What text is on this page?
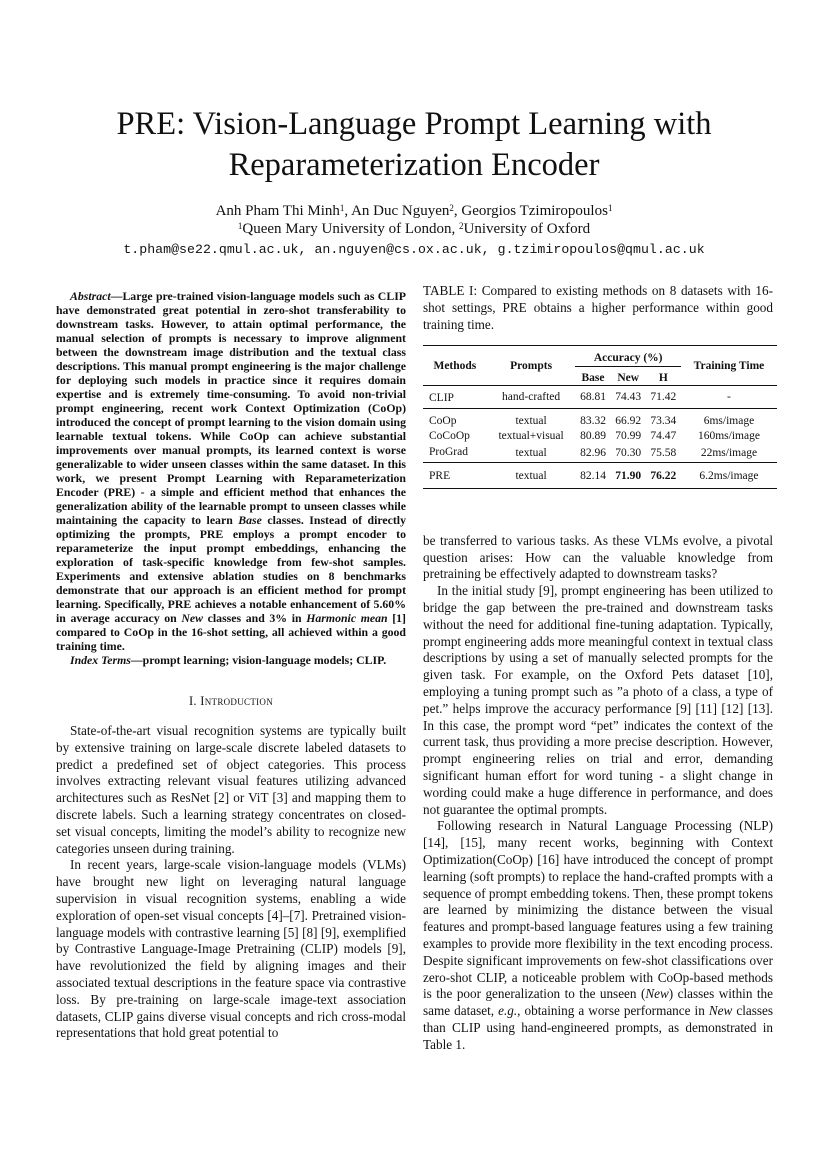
PRE: Vision-Language Prompt Learning with
Reparameterization Encoder
Anh Pham Thi Minh$^1$, An Duc Nguyen$^2$, Georgios Tzimiropoulos$^1$
$^1$Queen Mary University of London, $^2$University of Oxford
t.pham@se22.qmul.ac.uk, an.nguyen@cs.ox.ac.uk, g.tzimiropoulos@qmul.ac.uk

Abstract—Large pre-trained vision-language models such as CLIP have demonstrated great potential in zero-shot transferability to downstream tasks. However, to attain optimal performance, the manual selection of prompts is necessary to improve alignment between the downstream image distribution and the textual class descriptions. This manual prompt engineering is the major challenge for deploying such models in practice since it requires domain expertise and is extremely time-consuming. To avoid non-trivial prompt engineering, recent work Context Optimization (CoOp) introduced the concept of prompt learning to the vision domain using learnable textual tokens. While CoOp can achieve substantial improvements over manual prompts, its learned context is worse generalizable to wider unseen classes within the same dataset. In this work, we present Prompt Learning with Reparameterization Encoder (PRE) - a simple and efficient method that enhances the generalization ability of the learnable prompt to unseen classes while maintaining the capacity to learn Base classes. Instead of directly optimizing the prompts, PRE employs a prompt encoder to reparameterize the input prompt embeddings, enhancing the exploration of task-specific knowledge from few-shot samples. Experiments and extensive ablation studies on 8 benchmarks demonstrate that our approach is an efficient method for prompt learning. Specifically, PRE achieves a notable enhancement of 5.60% in average accuracy on New classes and 3% in Harmonic mean [1] compared to CoOp in the 16-shot setting, all achieved within a good training time.

Index Terms—prompt learning; vision-language models; CLIP.

I. Introduction

State-of-the-art visual recognition systems are typically built by extensive training on large-scale discrete labeled datasets to predict a predefined set of object categories. This process involves extracting relevant visual features utilizing advanced architectures such as ResNet [2] or ViT [3] and mapping them to discrete labels. Such a learning strategy concentrates on closed-set visual concepts, limiting the model’s ability to recognize new categories unseen during training.

In recent years, large-scale vision-language models (VLMs) have brought new light on leveraging natural language supervision in visual recognition systems, enabling a wide exploration of open-set visual concepts [4]–[7]. Pretrained vision-language models with contrastive learning [5] [8] [9], exemplified by Contrastive Language-Image Pretraining (CLIP) models [9], have revolutionized the field by aligning images and their associated textual descriptions in the feature space via contrastive loss. By pre-training on large-scale image-text association datasets, CLIP gains diverse visual concepts and rich cross-modal representations that hold great potential to

TABLE I: Compared to existing methods on 8 datasets with 16-shot settings, PRE obtains a higher performance within good training time.

Methods	Prompts	Accuracy (%)			Training Time
		Base	New	H	
CLIP	hand-crafted	68.81	74.43	71.42	-
CoOp	textual	83.32	66.92	73.34	6ms/image
CoCoOp	textual+visual	80.89	70.99	74.47	160ms/image
ProGrad	textual	82.96	70.30	75.58	22ms/image
PRE	textual	82.14	71.90	76.22	6.2ms/image

be transferred to various tasks. As these VLMs evolve, a pivotal question arises: How can the valuable knowledge from pretraining be effectively adapted to downstream tasks?

In the initial study [9], prompt engineering has been utilized to bridge the gap between the pre-trained and downstream tasks without the need for additional fine-tuning adaptation. Typically, prompt engineering adds more meaningful context in textual class descriptions by using a set of manually selected prompts for the given task. For example, on the Oxford Pets dataset [10], employing a tuning prompt such as ”a photo of a class, a type of pet.” helps improve the accuracy performance [9] [11] [12] [13]. In this case, the prompt word “pet” indicates the context of the current task, thus providing a more precise description. However, prompt engineering relies on trial and error, demanding significant human effort for word tuning - a slight change in wording could make a huge difference in performance, and does not guarantee the optimal prompts.

Following research in Natural Language Processing (NLP) [14], [15], many recent works, beginning with Context Optimization(CoOp) [16] have introduced the concept of prompt learning (soft prompts) to replace the hand-crafted prompts with a sequence of prompt embedding tokens. Then, these prompt tokens are learned by minimizing the distance between the visual features and prompt-based language features using a few training examples to provide more flexibility in the text encoding process. Despite significant improvements on few-shot classifications over zero-shot CLIP, a noticeable problem with CoOp-based methods is the poor generalization to the unseen (New) classes within the same dataset, e.g., obtaining a worse performance in New classes than CLIP using hand-engineered prompts, as demonstrated in Table 1.
